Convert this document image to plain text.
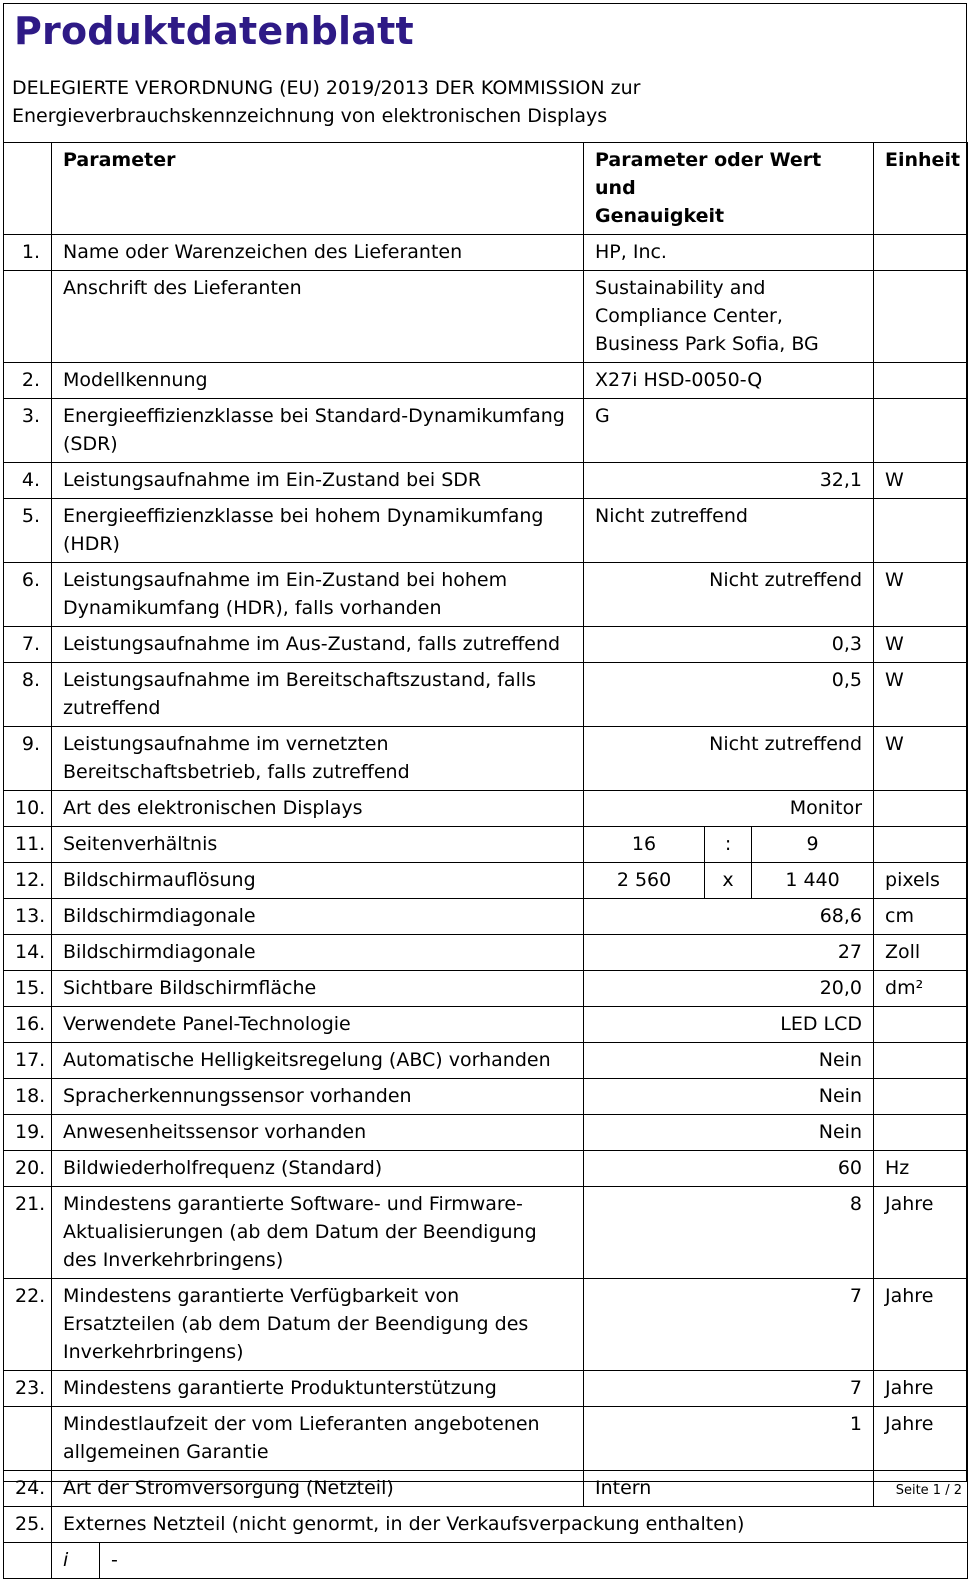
Produktdatenblatt
DELEGIERTE VERORDNUNG (EU) 2019/2013 DER KOMMISSION zur
Energieverbrauchskennzeichnung von elektronischen Displays
	Parameter		Parameter oder Wert und
Genauigkeit			Einheit
1.	Name oder Warenzeichen des Lieferanten		HP, Inc.			
	Anschrift des Lieferanten		Sustainability and
Compliance Center,
Business Park Sofia, BG			

2.	Modellkennung		X27i HSD-0050-Q			
3.	Energieeffizienzklasse bei Standard-Dynamikumfang
(SDR)		G			
4.	Leistungsaufnahme im Ein-Zustand bei SDR		32,1			W
5.	Energieeffizienzklasse bei hohem Dynamikumfang
(HDR)		Nicht zutreffend			
6.	Leistungsaufnahme im Ein-Zustand bei hohem
Dynamikumfang (HDR), falls vorhanden		Nicht zutreffend			W
7.	Leistungsaufnahme im Aus-Zustand, falls zutreffend		0,3			W
8.	Leistungsaufnahme im Bereitschaftszustand, falls
zutreffend		0,5			W
9.	Leistungsaufnahme im vernetzten
Bereitschaftsbetrieb, falls zutreffend		Nicht zutreffend			W
10.	Art des elektronischen Displays		Monitor			
11.	Seitenverhältnis		16	:	9	
12.	Bildschirmauflösung		2 560	x	1 440	pixels
13.	Bildschirmdiagonale		68,6			cm
14.	Bildschirmdiagonale		27			Zoll
15.	Sichtbare Bildschirmfläche		20,0			dm²
16.	Verwendete Panel-Technologie		LED LCD			
17.	Automatische Helligkeitsregelung (ABC) vorhanden		Nein			
18.	Spracherkennungssensor vorhanden		Nein			
19.	Anwesenheitssensor vorhanden		Nein			
20.	Bildwiederholfrequenz (Standard)		60			Hz
21.	Mindestens garantierte Software- und Firmware-
Aktualisierungen (ab dem Datum der Beendigung
des Inverkehrbringens)		8			Jahre
22.	Mindestens garantierte Verfügbarkeit von
Ersatzteilen (ab dem Datum der Beendigung des
Inverkehrbringens)		7			Jahre
23.	Mindestens garantierte Produktunterstützung		7			Jahre

	Mindestlaufzeit der vom Lieferanten angebotenen
allgemeinen Garantie		1			Jahre
24.	Art der Stromversorgung (Netzteil)		Intern			
25.	Externes Netzteil (nicht genormt, in der Verkaufsverpackung enthalten)					
	i	-				
Seite 1 / 2
